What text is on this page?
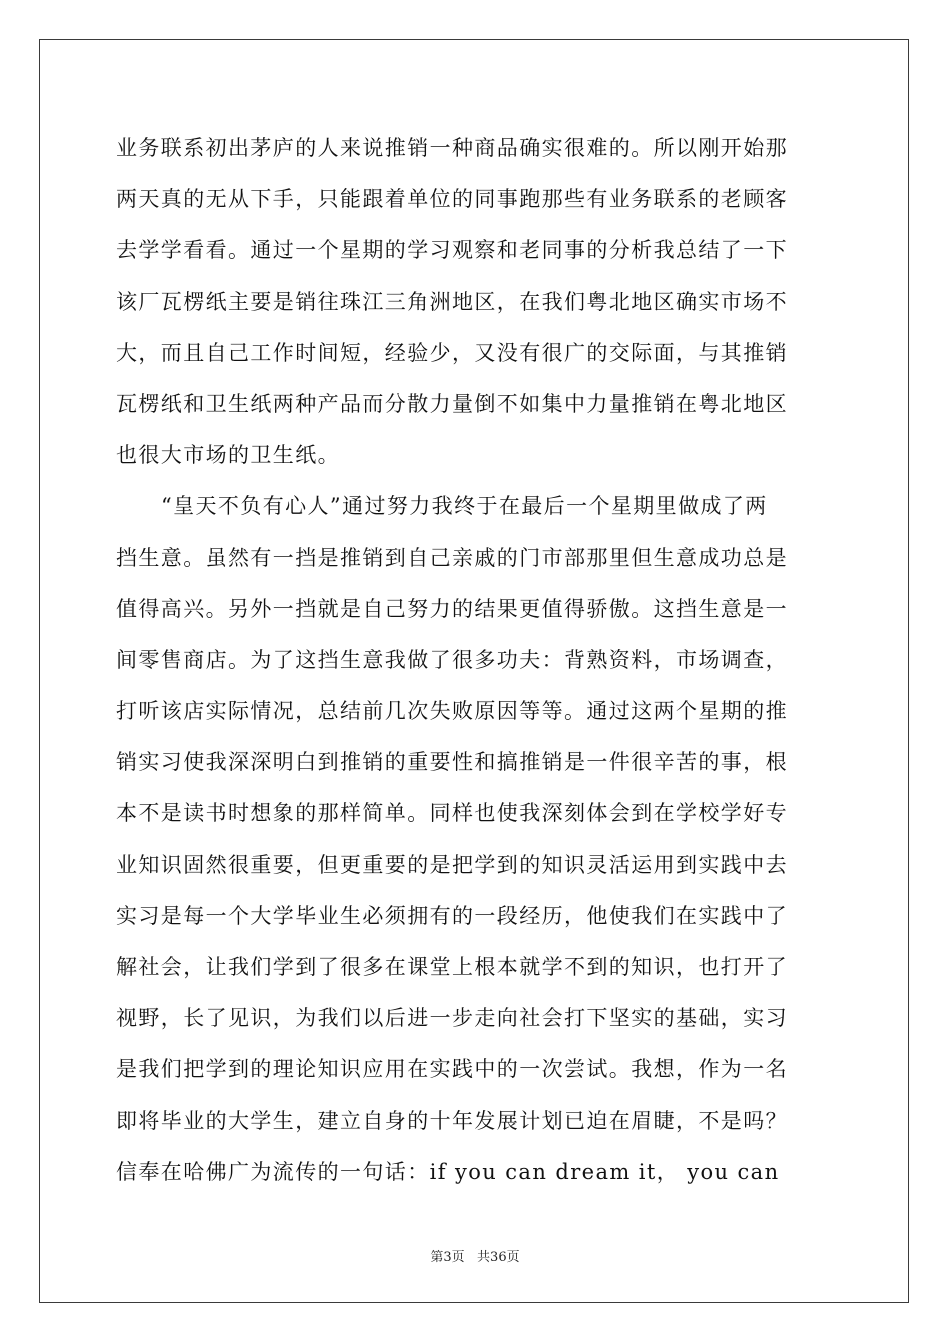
业务联系初出茅庐的人来说推销一种商品确实很难的。所以刚开始那
两天真的无从下手，只能跟着单位的同事跑那些有业务联系的老顾客
去学学看看。通过一个星期的学习观察和老同事的分析我总结了一下
该厂瓦楞纸主要是销往珠江三角洲地区，在我们粤北地区确实市场不
大，而且自己工作时间短，经验少，又没有很广的交际面，与其推销
瓦楞纸和卫生纸两种产品而分散力量倒不如集中力量推销在粤北地区
也很大市场的卫生纸。
“皇天不负有心人”通过努力我终于在最后一个星期里做成了两
挡生意。虽然有一挡是推销到自己亲戚的门市部那里但生意成功总是
值得高兴。另外一挡就是自己努力的结果更值得骄傲。这挡生意是一
间零售商店。为了这挡生意我做了很多功夫：背熟资料，市场调查，
打听该店实际情况，总结前几次失败原因等等。通过这两个星期的推
销实习使我深深明白到推销的重要性和搞推销是一件很辛苦的事，根
本不是读书时想象的那样简单。同样也使我深刻体会到在学校学好专
业知识固然很重要，但更重要的是把学到的知识灵活运用到实践中去
实习是每一个大学毕业生必须拥有的一段经历，他使我们在实践中了
解社会，让我们学到了很多在课堂上根本就学不到的知识，也打开了
视野，长了见识，为我们以后进一步走向社会打下坚实的基础，实习
是我们把学到的理论知识应用在实践中的一次尝试。我想，作为一名
即将毕业的大学生，建立自身的十年发展计划已迫在眉睫，不是吗？
信奉在哈佛广为流传的一句话：if you can dream it， you can
第3页   共36页
